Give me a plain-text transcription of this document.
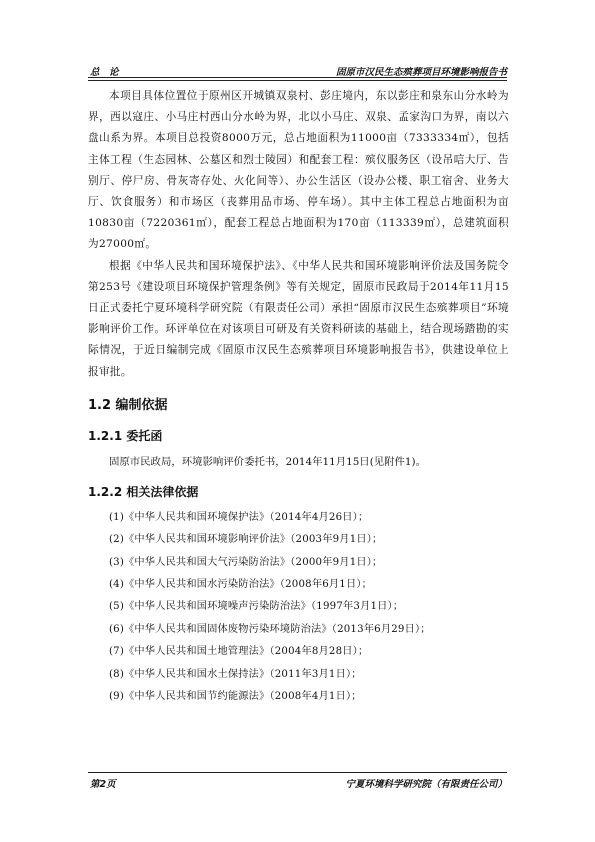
总　论	固原市汉民生态殡葬项目环境影响报告书

本项目具体位置位于原州区开城镇双泉村、彭庄境内，东以彭庄和泉东山分水岭为界，西以寇庄、小马庄村西山分水岭为界，北以小马庄、双泉、孟家沟口为界，南以六盘山系为界。本项目总投资8000万元，总占地面积为11000亩（7333334㎡），包括主体工程（生态园林、公墓区和烈士陵园）和配套工程：殡仪服务区（设吊唁大厅、告别厅、停尸房、骨灰寄存处、火化间等）、办公生活区（设办公楼、职工宿舍、业务大厅、饮食服务）和市场区（丧葬用品市场、停车场）。其中主体工程总占地面积为亩10830亩（7220361㎡），配套工程总占地面积为170亩（113339㎡），总建筑面积为27000㎡。

根据《中华人民共和国环境保护法》、《中华人民共和国环境影响评价法及国务院令第253号《建设项目环境保护管理条例》等有关规定，固原市民政局于2014年11月15日正式委托宁夏环境科学研究院（有限责任公司）承担“固原市汉民生态殡葬项目”环境影响评价工作。环评单位在对该项目可研及有关资料研读的基础上，结合现场踏勘的实际情况，于近日编制完成《固原市汉民生态殡葬项目环境影响报告书》，供建设单位上报审批。

1.2 编制依据
1.2.1 委托函

固原市民政局，环境影响评价委托书，2014年11月15日(见附件1)。

1.2.2 相关法律依据
(1)《中华人民共和国环境保护法》（2014年4月26日）；
(2)《中华人民共和国环境影响评价法》（2003年9月1日）；
(3)《中华人民共和国大气污染防治法》（2000年9月1日）；
(4)《中华人民共和国水污染防治法》（2008年6月1日）；
(5)《中华人民共和国环境噪声污染防治法》（1997年3月1日）；
(6)《中华人民共和国固体废物污染环境防治法》（2013年6月29日）；
(7)《中华人民共和国土地管理法》（2004年8月28日）；
(8)《中华人民共和国水土保持法》（2011年3月1日）；
(9)《中华人民共和国节约能源法》（2008年4月1日）；
第2页	宁夏环境科学研究院（有限责任公司）
